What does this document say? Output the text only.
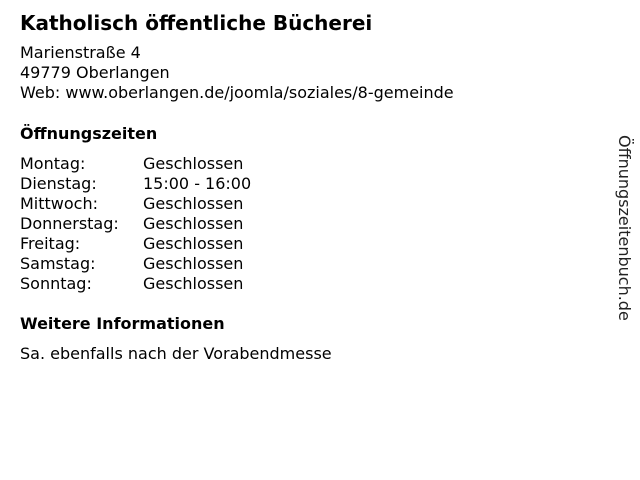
Katholisch öffentliche Bücherei
Marienstraße 4
49779 Oberlangen
Web: www.oberlangen.de/joomla/soziales/8-gemeinde
Öffnungszeiten
Montag:	Geschlossen
Dienstag:	15:00 - 16:00
Mittwoch:	Geschlossen
Donnerstag: Geschlossen
Freitag:	Geschlossen
Samstag:	Geschlossen
Sonntag:	Geschlossen
Weitere Informationen
Sa. ebenfalls nach der Vorabendmesse
Öffnungszeitenbuch.de
